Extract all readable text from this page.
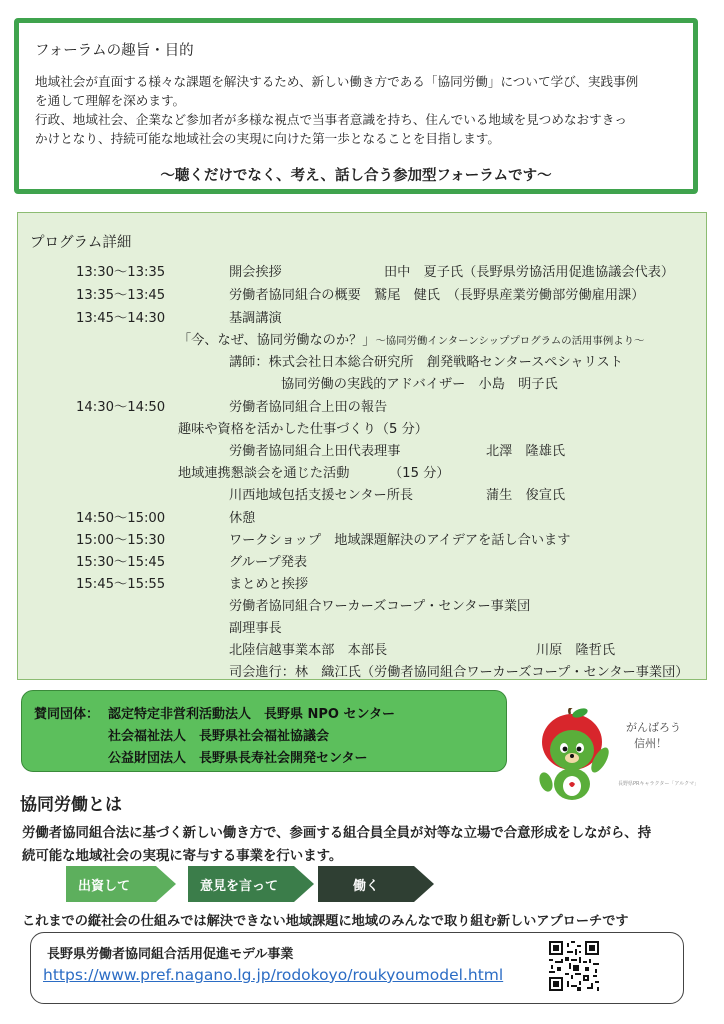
フォーラムの趣旨・目的

地域社会が直面する様々な課題を解決するため、新しい働き方である「協同労働」について学び、実践事例
を通して理解を深めます。
行政、地域社会、企業など参加者が多様な視点で当事者意識を持ち、住んでいる地域を見つめなおすきっ
かけとなり、持続可能な地域社会の実現に向けた第一歩となることを目指します。

〜聴くだけでなく、考え、話し合う参加型フォーラムです〜
プログラム詳細
13:30〜13:35	開会挨拶	田中　夏子氏（長野県労協活用促進協議会代表）
13:35〜13:45	労働者協同組合の概要　鷲尾　健氏　（長野県産業労働部労働雇用課）
13:45〜14:30	基調講演
「今、なぜ、協同労働なのか？」〜協同労働インターンシッププログラムの活用事例より〜
講師：株式会社日本総合研究所　創発戦略センタースペシャリスト
協同労働の実践的アドバイザー　小島　明子氏
14:30〜14:50	労働者協同組合上田の報告
趣味や資格を活かした仕事づくり（5 分）
労働者協同組合上田代表理事	北澤　隆雄氏
地域連携懇談会を通じた活動	（15 分）
川西地域包括支援センター所長	蒲生　俊宣氏
14:50〜15:00	休憩
15:00〜15:30	ワークショップ　地域課題解決のアイデアを話し合います
15:30〜15:45	グループ発表
15:45〜15:55	まとめと挨拶
労働者協同組合ワーカーズコープ・センター事業団
副理事長
北陸信越事業本部　本部長	川原　隆哲氏
司会進行：林　織江氏（労働者協同組合ワーカーズコープ・センター事業団）
賛同団体： 認定特定非営利活動法人　長野県 NPO センター
社会福祉法人　長野県社会福祉協議会
公益財団法人　長野県長寿社会開発センター
がんばろう
信州！
長野県PRキャラクター「アルクマ」
協同労働とは
労働者協同組合法に基づく新しい働き方で、参画する組合員全員が対等な立場で合意形成をしながら、持
続可能な地域社会の実現に寄与する事業を行います。
出資して	意見を言って	働く
これまでの縦社会の仕組みでは解決できない地域課題に地域のみんなで取り組む新しいアプローチです
長野県労働者協同組合活用促進モデル事業
https://www.pref.nagano.lg.jp/rodokoyo/roukyoumodel.html
